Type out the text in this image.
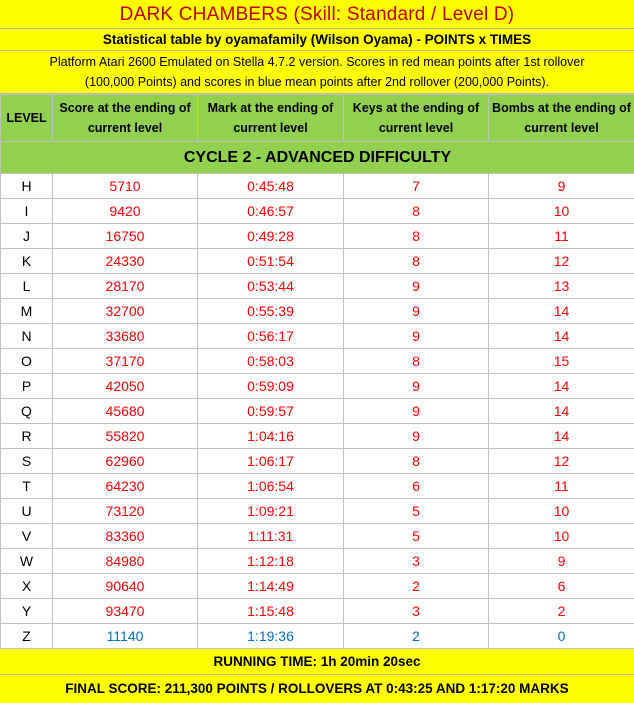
DARK CHAMBERS (Skill: Standard / Level D)
Statistical table by oyamafamily (Wilson Oyama) - POINTS x TIMES
Platform Atari 2600 Emulated on Stella 4.7.2 version. Scores in red mean points after 1st rollover
(100,000 Points) and scores in blue mean points after 2nd rollover (200,000 Points).
LEVEL	Score at the ending of current level	Mark at the ending of current level	Keys at the ending of current level	Bombs at the ending of current level
CYCLE 2 - ADVANCED DIFFICULTY				
H	5710	0:45:48	7	9
I	9420	0:46:57	8	10
J	16750	0:49:28	8	11
K	24330	0:51:54	8	12
L	28170	0:53:44	9	13
M	32700	0:55:39	9	14
N	33680	0:56:17	9	14
O	37170	0:58:03	8	15
P	42050	0:59:09	9	14
Q	45680	0:59:57	9	14
R	55820	1:04:16	9	14
S	62960	1:06:17	8	12
T	64230	1:06:54	6	11
U	73120	1:09:21	5	10
V	83360	1:11:31	5	10
W	84980	1:12:18	3	9
X	90640	1:14:49	2	6
Y	93470	1:15:48	3	2
Z	11140	1:19:36	2	0
RUNNING TIME: 1h 20min 20sec
FINAL SCORE: 211,300 POINTS / ROLLOVERS AT 0:43:25 AND 1:17:20 MARKS
